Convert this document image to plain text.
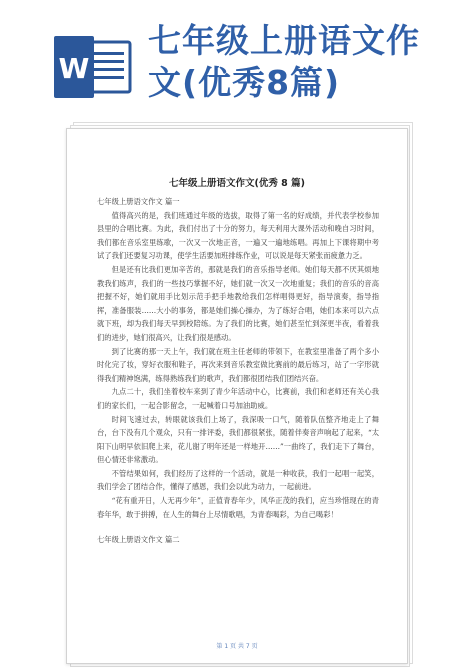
W
七年级上册语文作
文(优秀8篇)
七年级上册语文作文(优秀 8 篇)

七年级上册语文作文 篇一

值得高兴的是，我们班通过年级的选拔，取得了第一名的好成绩，并代表学校参加县里的合唱比赛。为此，我们付出了十分的努力，每天利用大课外活动和晚自习时间，我们都在音乐室里练歌，一次又一次地正音，一遍又一遍地练唱。再加上下课将期中考试了我们还要复习功课，使学生活要加班排练作业，可以说是每天紧张而疲惫力乏。

但是还有比我们更加辛苦的，那就是我们的音乐指导老师。她们每天都不厌其烦地教我们练声，我们的一些技巧掌握不好，她们就一次又一次地重复；我们的音乐的音高把握不好，她们就用手比划示范手把手地教给我们怎样唱得更好，指导演奏，指导指挥，准备服装……大小的事务，都是她们操心操办，为了练好合唱，她们本来可以六点就下班，却为我们每天早到校陪练。为了我们的比赛，她们甚至忙到深更半夜，看着我们的进步，她们很高兴，让我们很是感动。

到了比赛的那一天上午，我们就在班主任老师的带领下，在教室里准备了两个多小时化完了妆，穿好衣服和鞋子，再次来到音乐教室做比赛前的最后练习，站了一字形就得我们精神饱满，练得熟练我们的歌声，我们都很团结我们团结兴奋。

九点二十，我们坐着校车来到了青少年活动中心，比赛前，我们和老师还有关心我们的家长们，一起合影留念，一起喊着口号加油助威。

时间飞速过去，转眼就该我们上场了，我深吸一口气，随着队伍整齐地走上了舞台，台下没有几个观众，只有一排评委，我们都很紧张，随着伴奏音声响起了起来，“太阳下山明早依旧爬上来，花儿谢了明年还是一样地开……”一曲终了，我们走下了舞台，但心情还非常激动。

不管结果如何，我们经历了这样的一个活动，就是一种收获，我们一起唱一起笑，我们学会了团结合作，懂得了感恩，我们会以此为动力，一起前进。

“花有重开日，人无再少年”，正值青春年少，风华正茂的我们，应当珍惜现在的青春年华，敢于拼搏，在人生的舞台上尽情歌唱，为青春喝彩，为自己喝彩！

七年级上册语文作文 篇二

第 1 页 共 7 页
